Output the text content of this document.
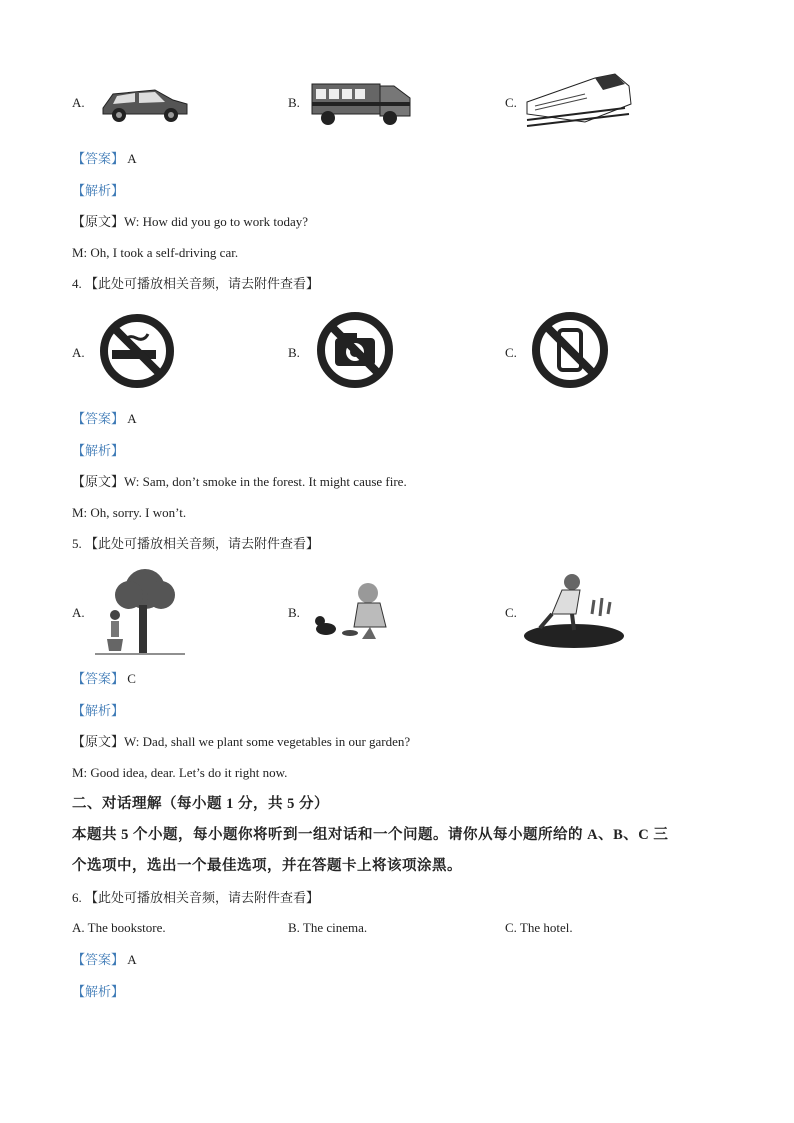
A.	B.	C.
【答案】 A
【解析】
【原文】W: How did you go to work today?
M: Oh, I took a self-driving car.
4. 【此处可播放相关音频，请去附件查看】
A.	B.	C.
【答案】 A
【解析】
【原文】W: Sam, don’t smoke in the forest. It might cause fire.
M: Oh, sorry. I won’t.
5. 【此处可播放相关音频，请去附件查看】
A.	B.	C.
【答案】 C
【解析】
【原文】W: Dad, shall we plant some vegetables in our garden?
M: Good idea, dear. Let’s do it right now.
二、对话理解（每小题 1 分，共 5 分）
本题共 5 个小题，每小题你将听到一组对话和一个问题。请你从每小题所给的 A、B、C 三
个选项中，选出一个最佳选项，并在答题卡上将该项涂黑。
6. 【此处可播放相关音频，请去附件查看】
A. The bookstore.	B. The cinema.	C. The hotel.
【答案】 A
【解析】
